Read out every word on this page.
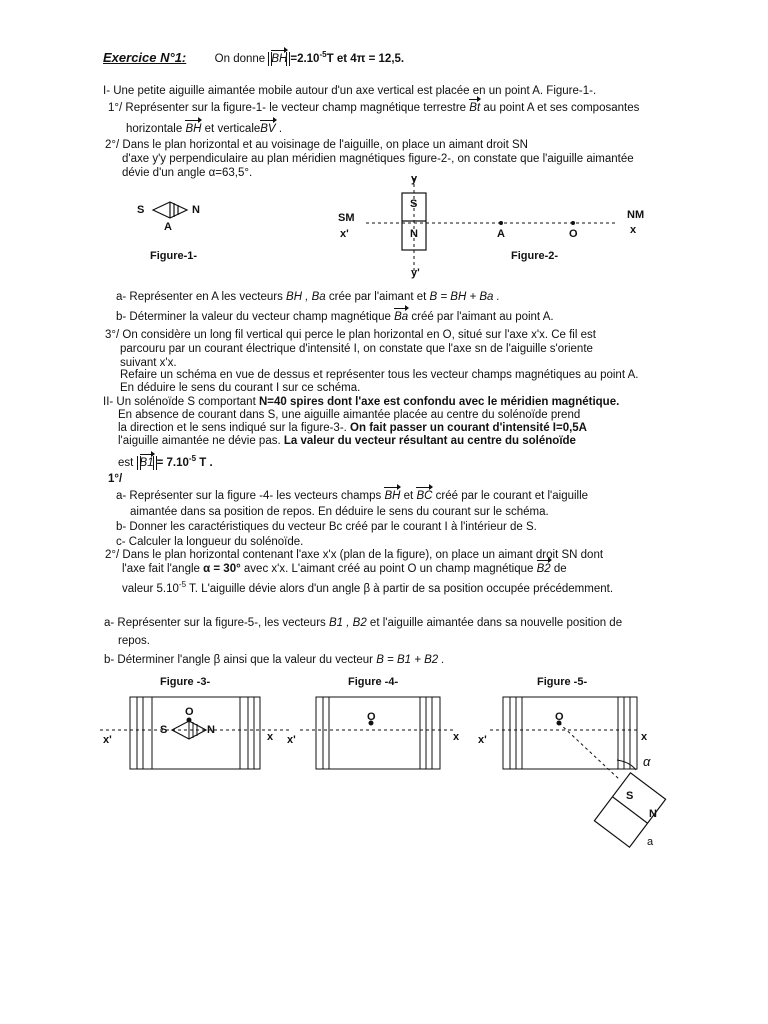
Exercice N°1: On donne BH $=2.10^{-5}T$ et 4π = 12,5.
I- Une petite aiguille aimantée mobile autour d'un axe vertical est placée en un point A. Figure-1-.
1°/ Représenter sur la figure-1- le vecteur champ magnétique terrestre Bt au point A et ses composantes
horizontale BH et verticaleBV .
2°/ Dans le plan horizontal et au voisinage de l'aiguille, on place un aimant droit SN
d'axe y'y perpendiculaire au plan méridien magnétiques figure-2-, on constate que l'aiguille aimantée
dévie d'un angle α=63,5°.
S	N
A
Figure-1-
y
S
N
SM
x'	A	O
NM
x
Figure-2-
y'
a- Représenter en A les vecteurs BH , Ba crée par l'aimant et B = BH + Ba .
b- Déterminer la valeur du vecteur champ magnétique Ba créé par l'aimant au point A.
3°/ On considère un long fil vertical qui perce le plan horizontal en O, situé sur l'axe x'x. Ce fil est
parcouru par un courant électrique d'intensité I, on constate que l'axe sn de l'aiguille s'oriente
suivant x'x.
Refaire un schéma en vue de dessus et représenter tous les vecteur champs magnétiques au point A.
En déduire le sens du courant I sur ce schéma.
II- Un solénoïde S comportant N=40 spires dont l'axe est confondu avec le méridien magnétique.
En absence de courant dans S, une aiguille aimantée placée au centre du solénoïde prend
la direction et le sens indiqué sur la figure-3-. On fait passer un courant d'intensité I=0,5A
l'aiguille aimantée ne dévie pas. La valeur du vecteur résultant au centre du solénoïde
est $B1 = 7.10^{-5}$ T .
1°/
a- Représenter sur la figure -4- les vecteurs champs BH et BC créé par le courant et l'aiguille
aimantée dans sa position de repos. En déduire le sens du courant sur le schéma.
b- Donner les caractéristiques du vecteur Bc créé par le courant I à l'intérieur de S.
c- Calculer la longueur du solénoïde.
2°/ Dans le plan horizontal contenant l'axe x'x (plan de la figure), on place un aimant droit SN dont
l'axe fait l'angle α = 30° avec x'x. L'aimant créé au point O un champ magnétique B2 de
valeur $5.10^{-5}$ T. L'aiguille dévie alors d'un angle β à partir de sa position occupée précédemment.
a- Représenter sur la figure-5-, les vecteurs B1 , B2 et l'aiguille aimantée dans sa nouvelle position de
repos.
b- Déterminer l'angle β ainsi que la valeur du vecteur B = B1 + B2 .
Figure -3-
O
S	N
x'	x
Figure -4-
O
x'	x
Figure -5-
O
x'	x
α
S
N
a
